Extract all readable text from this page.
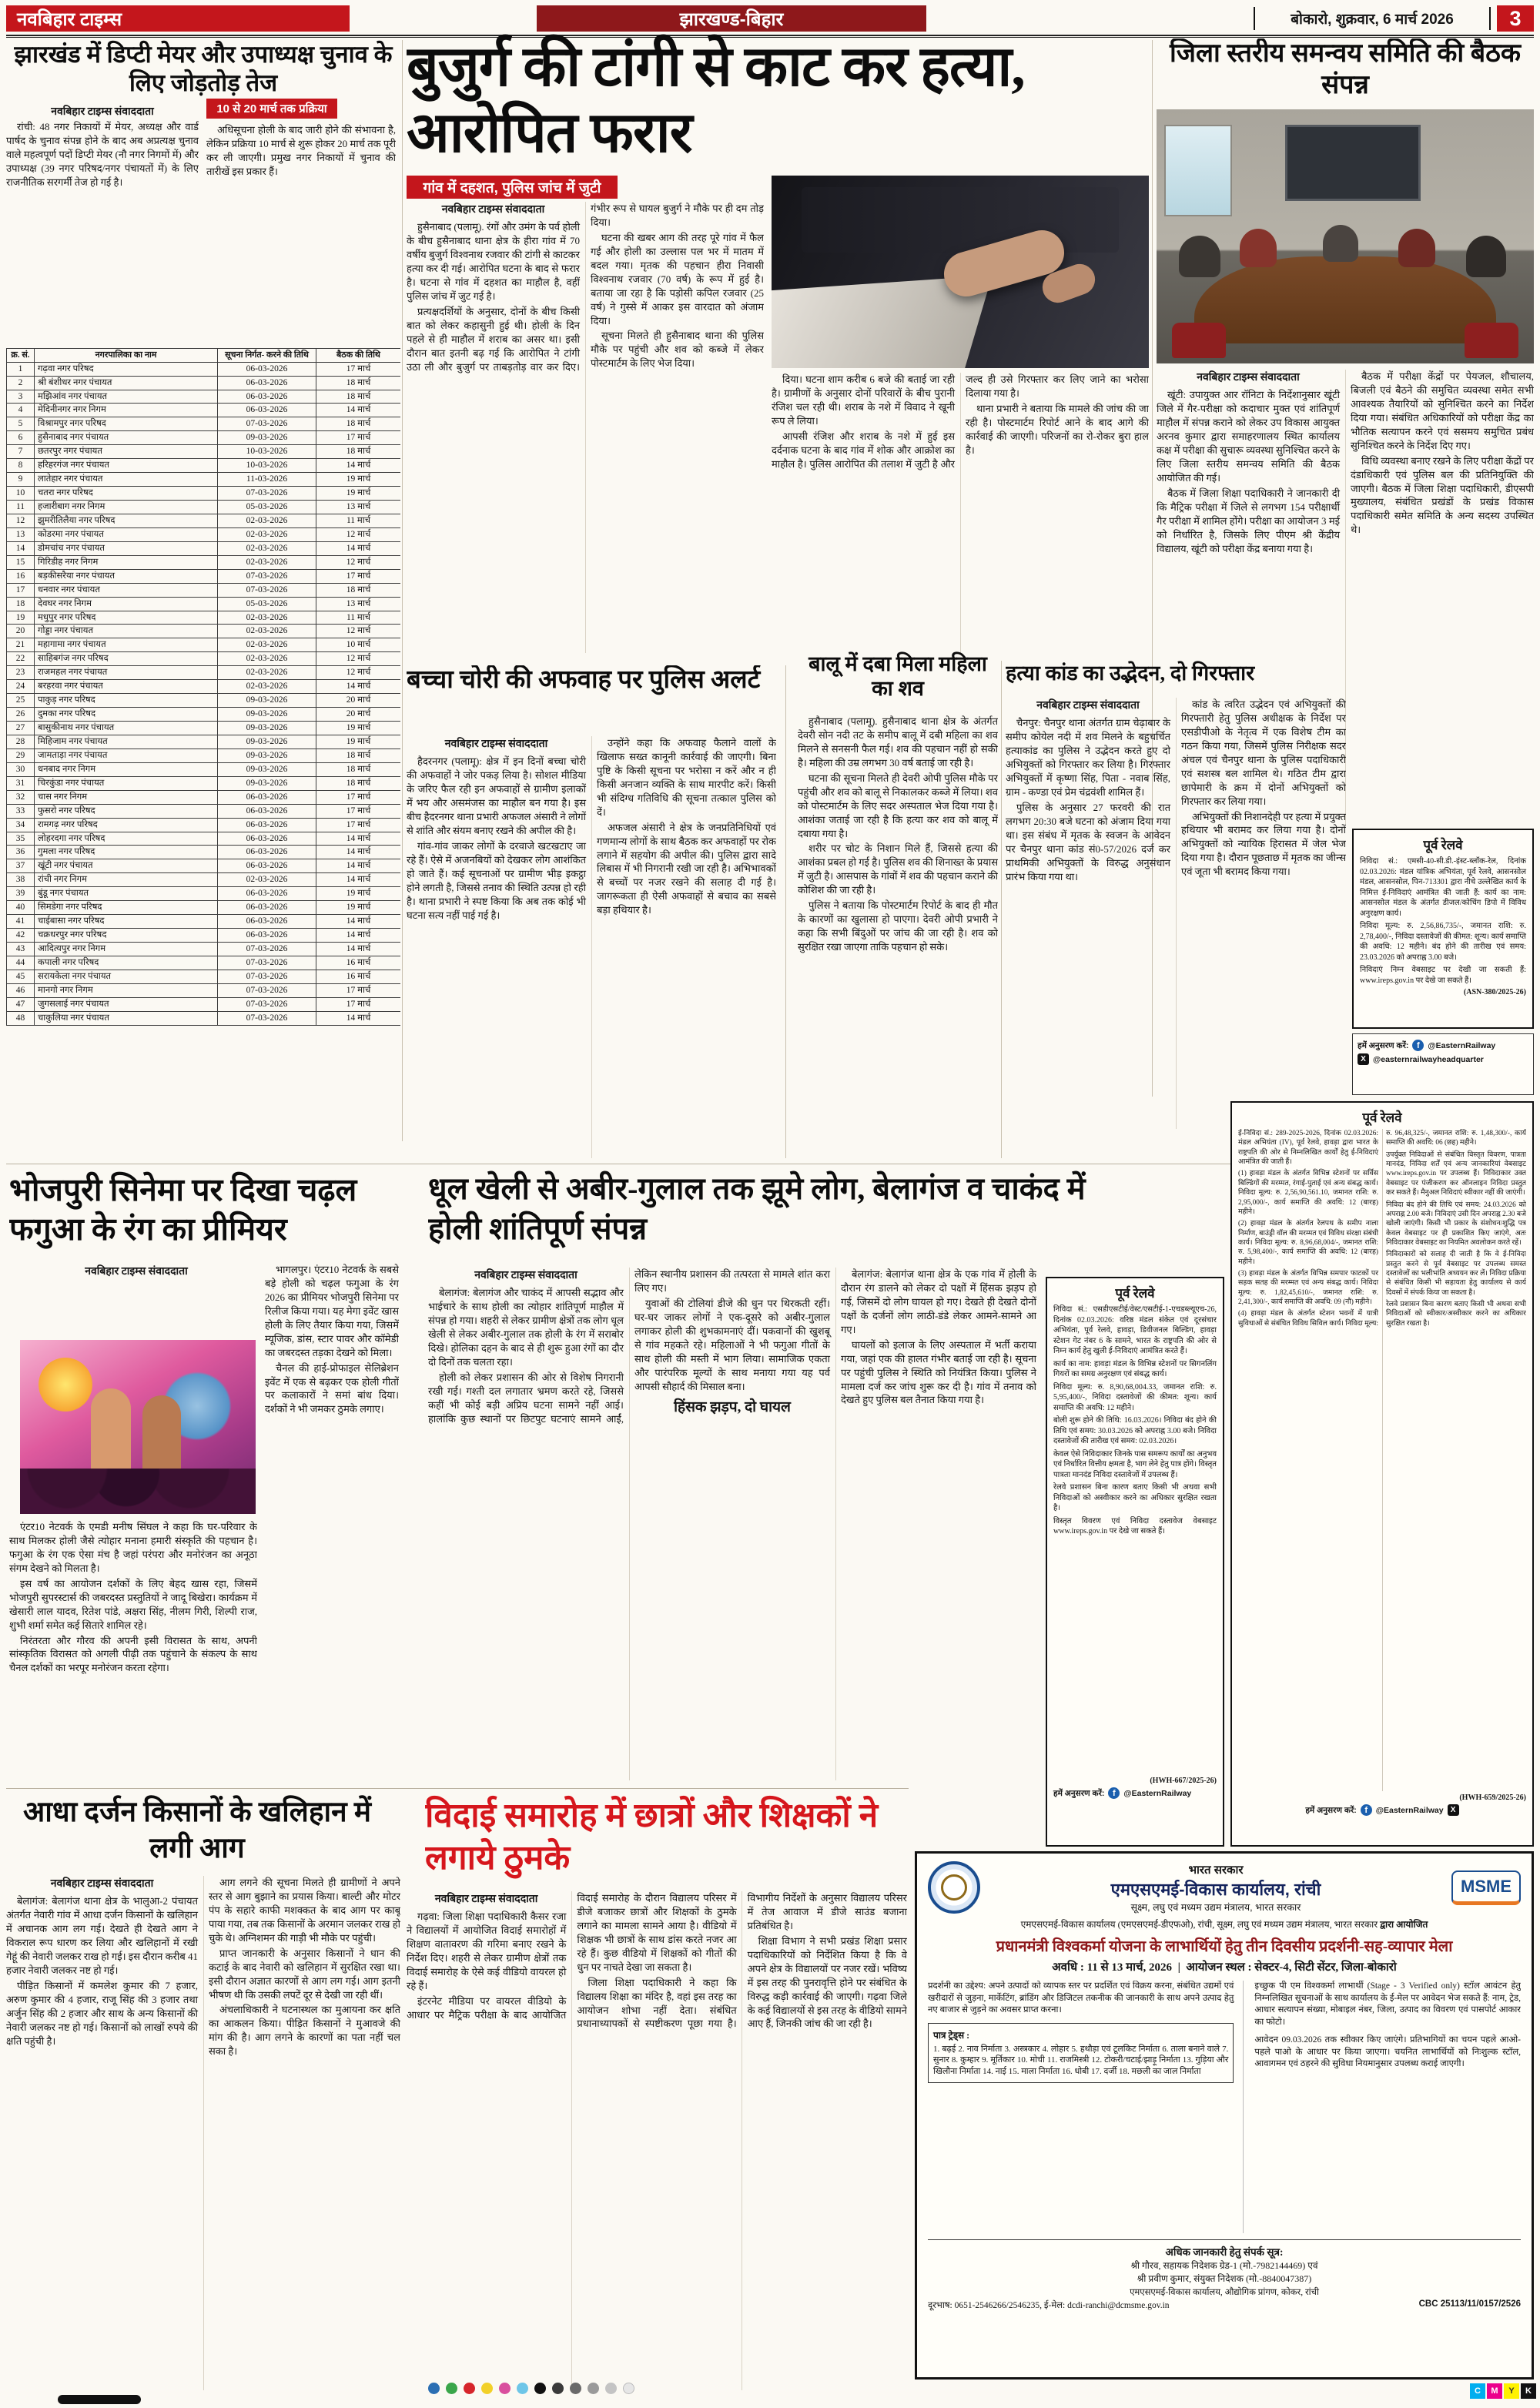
नवबिहार टाइम्स	झारखण्ड-बिहार	बोकारो, शुक्रवार, 6 मार्च 2026	3
झारखंड में डिप्टी मेयर और उपाध्यक्ष चुनाव के लिए जोड़तोड़ तेज
नवबिहार टाइम्स संवाददाता	10 से 20 मार्च तक प्रक्रिया

रांची: 48 नगर निकायों में मेयर, अध्यक्ष और वार्ड पार्षद के चुनाव संपन्न होने के बाद अब अप्रत्यक्ष चुनाव वाले महत्वपूर्ण पदों डिप्टी मेयर (नौ नगर निगमों में) और उपाध्यक्ष (39 नगर परिषद/नगर पंचायतों में) के लिए राजनीतिक सरगर्मी तेज हो गई है।

अधिसूचना होली के बाद जारी होने की संभावना है, लेकिन प्रक्रिया 10 मार्च से शुरू होकर 20 मार्च तक पूरी कर ली जाएगी। प्रमुख नगर निकायों में चुनाव की तारीखें इस प्रकार हैं।

क्र. सं.	नगरपालिका का नाम	सूचना निर्गत- करने की तिथि	बैठक की तिथि
1	गढ़वा नगर परिषद	06-03-2026	17 मार्च
2	श्री बंशीधर नगर पंचायत	06-03-2026	18 मार्च
3	मझिआंव नगर पंचायत	06-03-2026	18 मार्च
4	मेदिनीनगर नगर निगम	06-03-2026	14 मार्च
5	विश्रामपुर नगर परिषद	07-03-2026	18 मार्च
6	हुसैनाबाद नगर पंचायत	09-03-2026	17 मार्च
7	छतरपुर नगर पंचायत	10-03-2026	18 मार्च
8	हरिहरगंज नगर पंचायत	10-03-2026	14 मार्च
9	लातेहार नगर पंचायत	11-03-2026	19 मार्च
10	चतरा नगर परिषद	07-03-2026	19 मार्च
11	हजारीबाग नगर निगम	05-03-2026	13 मार्च
12	झुमरीतिलैया नगर परिषद	02-03-2026	11 मार्च
13	कोडरमा नगर पंचायत	02-03-2026	12 मार्च
14	डोमचांच नगर पंचायत	02-03-2026	14 मार्च
15	गिरिडीह नगर निगम	02-03-2026	12 मार्च
16	बड़कीसरैया नगर पंचायत	07-03-2026	17 मार्च
17	धनवार नगर पंचायत	07-03-2026	18 मार्च
18	देवघर नगर निगम	05-03-2026	13 मार्च
19	मधुपुर नगर परिषद	02-03-2026	11 मार्च
20	गोड्डा नगर पंचायत	02-03-2026	12 मार्च
21	महागामा नगर पंचायत	02-03-2026	10 मार्च
22	साहिबगंज नगर परिषद	02-03-2026	12 मार्च
23	राजमहल नगर पंचायत	02-03-2026	12 मार्च
24	बरहरवा नगर पंचायत	02-03-2026	14 मार्च
25	पाकुड़ नगर परिषद	09-03-2026	20 मार्च
26	दुमका नगर परिषद	09-03-2026	20 मार्च
27	बासुकीनाथ नगर पंचायत	09-03-2026	19 मार्च
28	मिहिजाम नगर पंचायत	09-03-2026	19 मार्च
29	जामताड़ा नगर पंचायत	09-03-2026	18 मार्च
30	धनबाद नगर निगम	09-03-2026	18 मार्च
31	चिरकुंडा नगर पंचायत	09-03-2026	18 मार्च
32	चास नगर निगम	06-03-2026	17 मार्च
33	फुसरो नगर परिषद	06-03-2026	17 मार्च
34	रामगढ़ नगर परिषद	06-03-2026	17 मार्च
35	लोहरदगा नगर परिषद	06-03-2026	14 मार्च
36	गुमला नगर परिषद	06-03-2026	14 मार्च
37	खूंटी नगर पंचायत	06-03-2026	14 मार्च
38	रांची नगर निगम	02-03-2026	14 मार्च
39	बुंडू नगर पंचायत	06-03-2026	19 मार्च
40	सिमडेगा नगर परिषद	06-03-2026	19 मार्च
41	चाईबासा नगर परिषद	06-03-2026	14 मार्च
42	चक्रधरपुर नगर परिषद	06-03-2026	14 मार्च
43	आदित्यपुर नगर निगम	07-03-2026	14 मार्च
44	कपाली नगर परिषद	07-03-2026	16 मार्च
45	सरायकेला नगर पंचायत	07-03-2026	16 मार्च
46	मानगो नगर निगम	07-03-2026	17 मार्च
47	जुगसलाई नगर पंचायत	07-03-2026	17 मार्च
48	चाकुलिया नगर पंचायत	07-03-2026	14 मार्च
बुजुर्ग की टांगी से काट कर हत्या, आरोपित फरार
गांव में दहशत, पुलिस जांच में जुटी
नवबिहार टाइम्स संवाददाता

हुसैनाबाद (पलामू). रंगों और उमंग के पर्व होली के बीच हुसैनाबाद थाना क्षेत्र के हीरा गांव में 70 वर्षीय बुजुर्ग विश्वनाथ रजवार की टांगी से काटकर हत्या कर दी गई। आरोपित घटना के बाद से फरार है। घटना से गांव में दहशत का माहौल है, वहीं पुलिस जांच में जुट गई है।

प्रत्यक्षदर्शियों के अनुसार, दोनों के बीच किसी बात को लेकर कहासुनी हुई थी। होली के दिन पहले से ही माहौल में शराब का असर था। इसी दौरान बात इतनी बढ़ गई कि आरोपित ने टांगी उठा ली और बुजुर्ग पर ताबड़तोड़ वार कर दिए। गंभीर रूप से घायल बुजुर्ग ने मौके पर ही दम तोड़ दिया।

घटना की खबर आग की तरह पूरे गांव में फैल गई और होली का उल्लास पल भर में मातम में बदल गया। मृतक की पहचान हीरा निवासी विश्वनाथ रजवार (70 वर्ष) के रूप में हुई है। बताया जा रहा है कि पड़ोसी कपिल रजवार (25 वर्ष) ने गुस्से में आकर इस वारदात को अंजाम दिया।

सूचना मिलते ही हुसैनाबाद थाना की पुलिस मौके पर पहुंची और शव को कब्जे में लेकर पोस्टमार्टम के लिए भेज दिया।

दिया। घटना शाम करीब 6 बजे की बताई जा रही है। ग्रामीणों के अनुसार दोनों परिवारों के बीच पुरानी रंजिश चल रही थी। शराब के नशे में विवाद ने खूनी रूप ले लिया।

आपसी रंजिश और शराब के नशे में हुई इस दर्दनाक घटना के बाद गांव में शोक और आक्रोश का माहौल है। पुलिस आरोपित की तलाश में जुटी है और जल्द ही उसे गिरफ्तार कर लिए जाने का भरोसा दिलाया गया है।

थाना प्रभारी ने बताया कि मामले की जांच की जा रही है। पोस्टमार्टम रिपोर्ट आने के बाद आगे की कार्रवाई की जाएगी। परिजनों का रो-रोकर बुरा हाल है।

जिला स्तरीय समन्वय समिति की बैठक संपन्न
नवबिहार टाइम्स संवाददाता

खूंटी: उपायुक्त आर रॉनिटा के निर्देशानुसार खूंटी जिले में गैर-परीक्षा को कदाचार मुक्त एवं शांतिपूर्ण माहौल में संपन्न कराने को लेकर उप विकास आयुक्त अरनव कुमार द्वारा समाहरणालय स्थित कार्यालय कक्ष में परीक्षा की सुचारू व्यवस्था सुनिश्चित करने के लिए जिला स्तरीय समन्वय समिति की बैठक आयोजित की गई।

बैठक में जिला शिक्षा पदाधिकारी ने जानकारी दी कि मैट्रिक परीक्षा में जिले से लगभग 154 परीक्षार्थी गैर परीक्षा में शामिल होंगे। परीक्षा का आयोजन 3 मई को निर्धारित है, जिसके लिए पीएम श्री केंद्रीय विद्यालय, खूंटी को परीक्षा केंद्र बनाया गया है।

बैठक में परीक्षा केंद्रों पर पेयजल, शौचालय, बिजली एवं बैठने की समुचित व्यवस्था समेत सभी आवश्यक तैयारियों को सुनिश्चित करने का निर्देश दिया गया। संबंधित अधिकारियों को परीक्षा केंद्र का भौतिक सत्यापन करने एवं ससमय समुचित प्रबंध सुनिश्चित करने के निर्देश दिए गए।

विधि व्यवस्था बनाए रखने के लिए परीक्षा केंद्रों पर दंडाधिकारी एवं पुलिस बल की प्रतिनियुक्ति की जाएगी। बैठक में जिला शिक्षा पदाधिकारी, डीएसपी मुख्यालय, संबंधित प्रखंडों के प्रखंड विकास पदाधिकारी समेत समिति के अन्य सदस्य उपस्थित थे।

पूर्व रेलवे

निविदा सं.: एमसी-40-सी.डी.-इंस्ट-ब्लॉक-रेल, दिनांक 02.03.2026: मंडल यांत्रिक अभियंता, पूर्व रेलवे, आसनसोल मंडल, आसनसोल, पिन-713301 द्वारा नीचे उल्लेखित कार्य के निमित्त ई-निविदाएं आमंत्रित की जाती हैं: कार्य का नाम: आसनसोल मंडल के अंतर्गत डीजल/कोचिंग डिपो में विविध अनुरक्षण कार्य।

निविदा मूल्य: रु. 2,56,86,735/-, जमानत राशि: रु. 2,78,400/-, निविदा दस्तावेजों की कीमत: शून्य। कार्य समाप्ति की अवधि: 12 महीने। बंद होने की तारीख एवं समय: 23.03.2026 को अपराह्न 3.00 बजे।

निविदाएं निम्न वेबसाइट पर देखी जा सकती हैं: www.ireps.gov.in पर देखे जा सकते हैं।

(ASN-380/2025-26)
हमें अनुसरण करें: f	@EasternRailway
X @easternrailwayheadquarter
पूर्व रेलवे

ई-निविदा सं.: 289-2025-2026, दिनांक 02.03.2026: मंडल अभियंता (IV), पूर्व रेलवे, हावड़ा द्वारा भारत के राष्ट्रपति की ओर से निम्नलिखित कार्यों हेतु ई-निविदाएं आमंत्रित की जाती हैं।

(1) हावड़ा मंडल के अंतर्गत विभिन्न स्टेशनों पर सर्विस बिल्डिंगों की मरम्मत, रंगाई-पुताई एवं अन्य संबद्ध कार्य। निविदा मूल्य: रु. 2,56,90,561.10, जमानत राशि: रु. 2,95,000/-, कार्य समाप्ति की अवधि: 12 (बारह) महीने।

(2) हावड़ा मंडल के अंतर्गत रेलपथ के समीप नाला निर्माण, बाउंड्री वॉल की मरम्मत एवं विविध संरक्षा संबंधी कार्य। निविदा मूल्य: रु. 8,96,68,004/-, जमानत राशि: रु. 5,98,400/-, कार्य समाप्ति की अवधि: 12 (बारह) महीने।

(3) हावड़ा मंडल के अंतर्गत विभिन्न समपार फाटकों पर सड़क सतह की मरम्मत एवं अन्य संबद्ध कार्य। निविदा मूल्य: रु. 1,82,45,610/-, जमानत राशि: रु. 2,41,300/-, कार्य समाप्ति की अवधि: 09 (नौ) महीने।

(4) हावड़ा मंडल के अंतर्गत स्टेशन भवनों में यात्री सुविधाओं से संबंधित विविध सिविल कार्य। निविदा मूल्य: रु. 96,48,325/-, जमानत राशि: रु. 1,48,300/-, कार्य समाप्ति की अवधि: 06 (छह) महीने।

उपर्युक्त निविदाओं से संबंधित विस्तृत विवरण, पात्रता मानदंड, निविदा शर्तें एवं अन्य जानकारियां वेबसाइट www.ireps.gov.in पर उपलब्ध हैं। निविदाकार उक्त वेबसाइट पर पंजीकरण कर ऑनलाइन निविदा प्रस्तुत कर सकते हैं। मैनुअल निविदाएं स्वीकार नहीं की जाएंगी।

निविदा बंद होने की तिथि एवं समय: 24.03.2026 को अपराह्न 2.00 बजे। निविदाएं उसी दिन अपराह्न 2.30 बजे खोली जाएंगी। किसी भी प्रकार के संशोधन/शुद्धि पत्र केवल वेबसाइट पर ही प्रकाशित किए जाएंगे, अतः निविदाकार वेबसाइट का नियमित अवलोकन करते रहें।

निविदाकारों को सलाह दी जाती है कि वे ई-निविदा प्रस्तुत करने से पूर्व वेबसाइट पर उपलब्ध समस्त दस्तावेजों का भलीभांति अध्ययन कर लें। निविदा प्रक्रिया से संबंधित किसी भी सहायता हेतु कार्यालय से कार्य दिवसों में संपर्क किया जा सकता है।

रेलवे प्रशासन बिना कारण बताए किसी भी अथवा सभी निविदाओं को स्वीकार/अस्वीकार करने का अधिकार सुरक्षित रखता है।

(HWH-659/2025-26)
हमें अनुसरण करें: f	@EasternRailway X
बालू में दबा मिला महिला का शव

हुसैनाबाद (पलामू). हुसैनाबाद थाना क्षेत्र के अंतर्गत देवरी सोन नदी तट के समीप बालू में दबी महिला का शव मिलने से सनसनी फैल गई। शव की पहचान नहीं हो सकी है। महिला की उम्र लगभग 30 वर्ष बताई जा रही है।

घटना की सूचना मिलते ही देवरी ओपी पुलिस मौके पर पहुंची और शव को बालू से निकालकर कब्जे में लिया। शव को पोस्टमार्टम के लिए सदर अस्पताल भेज दिया गया है। आशंका जताई जा रही है कि हत्या कर शव को बालू में दबाया गया है।

शरीर पर चोट के निशान मिले हैं, जिससे हत्या की आशंका प्रबल हो गई है। पुलिस शव की शिनाख्त के प्रयास में जुटी है। आसपास के गांवों में शव की पहचान कराने की कोशिश की जा रही है।

पुलिस ने बताया कि पोस्टमार्टम रिपोर्ट के बाद ही मौत के कारणों का खुलासा हो पाएगा। देवरी ओपी प्रभारी ने कहा कि सभी बिंदुओं पर जांच की जा रही है। शव को सुरक्षित रखा जाएगा ताकि पहचान हो सके।

बच्चा चोरी की अफवाह पर पुलिस अलर्ट
नवबिहार टाइम्स संवाददाता

हैदरनगर (पलामू): क्षेत्र में इन दिनों बच्चा चोरी की अफवाहों ने जोर पकड़ लिया है। सोशल मीडिया के जरिए फैल रही इन अफवाहों से ग्रामीण इलाकों में भय और असमंजस का माहौल बन गया है। इस बीच हैदरनगर थाना प्रभारी अफजल अंसारी ने लोगों से शांति और संयम बनाए रखने की अपील की है।

गांव-गांव जाकर लोगों के दरवाजे खटखटाए जा रहे हैं। ऐसे में अजनबियों को देखकर लोग आशंकित हो जाते हैं। कई सूचनाओं पर ग्रामीण भीड़ इकट्ठा होने लगती है, जिससे तनाव की स्थिति उत्पन्न हो रही है। थाना प्रभारी ने स्पष्ट किया कि अब तक कोई भी घटना सत्य नहीं पाई गई है।

उन्होंने कहा कि अफवाह फैलाने वालों के खिलाफ सख्त कानूनी कार्रवाई की जाएगी। बिना पुष्टि के किसी सूचना पर भरोसा न करें और न ही किसी अनजान व्यक्ति के साथ मारपीट करें। किसी भी संदिग्ध गतिविधि की सूचना तत्काल पुलिस को दें।

अफजल अंसारी ने क्षेत्र के जनप्रतिनिधियों एवं गणमान्य लोगों के साथ बैठक कर अफवाहों पर रोक लगाने में सहयोग की अपील की। पुलिस द्वारा सादे लिबास में भी निगरानी रखी जा रही है। अभिभावकों से बच्चों पर नजर रखने की सलाह दी गई है। जागरूकता ही ऐसी अफवाहों से बचाव का सबसे बड़ा हथियार है।

हत्या कांड का उद्भेदन, दो गिरफ्तार
नवबिहार टाइम्स संवाददाता

चैनपुर: चैनपुर थाना अंतर्गत ग्राम चेढ़ाबार के समीप कोयेल नदी में शव मिलने के बहुचर्चित हत्याकांड का पुलिस ने उद्भेदन करते हुए दो अभियुक्तों को गिरफ्तार कर लिया है। गिरफ्तार अभियुक्तों में कृष्णा सिंह, पिता - नवाब सिंह, ग्राम - कण्डा एवं प्रेम चंद्रवंशी शामिल हैं।

पुलिस के अनुसार 27 फरवरी की रात लगभग 20:30 बजे घटना को अंजाम दिया गया था। इस संबंध में मृतक के स्वजन के आवेदन पर चैनपुर थाना कांड सं0-57/2026 दर्ज कर प्राथमिकी अभियुक्तों के विरुद्ध अनुसंधान प्रारंभ किया गया था।

कांड के त्वरित उद्भेदन एवं अभियुक्तों की गिरफ्तारी हेतु पुलिस अधीक्षक के निर्देश पर एसडीपीओ के नेतृत्व में एक विशेष टीम का गठन किया गया, जिसमें पुलिस निरीक्षक सदर अंचल एवं चैनपुर थाना के पुलिस पदाधिकारी एवं सशस्त्र बल शामिल थे। गठित टीम द्वारा छापेमारी के क्रम में दोनों अभियुक्तों को गिरफ्तार कर लिया गया।

अभियुक्तों की निशानदेही पर हत्या में प्रयुक्त हथियार भी बरामद कर लिया गया है। दोनों अभियुक्तों को न्यायिक हिरासत में जेल भेज दिया गया है। दौरान पूछताछ में मृतक का जीन्स एवं जूता भी बरामद किया गया।

भोजपुरी सिनेमा पर दिखा चढ़ल फगुआ के रंग का प्रीमियर
नवबिहार टाइम्स संवाददाता	भागलपुर। एंटर10 नेटवर्क के सबसे बड़े होली को चढ़ल फगुआ के रंग 2026 का प्रीमियर भोजपुरी सिनेमा पर रिलीज किया गया। यह मेगा इवेंट खास होली के लिए तैयार किया गया, जिसमें म्यूजिक, डांस, स्टार पावर और कॉमेडी का जबरदस्त तड़का देखने को मिला।

चैनल की हाई-प्रोफाइल सेलिब्रेशन इवेंट में एक से बढ़कर एक होली गीतों पर कलाकारों ने समां बांध दिया। दर्शकों ने भी जमकर ठुमके लगाए।

एंटर10 नेटवर्क के एमडी मनीष सिंघल ने कहा कि घर-परिवार के साथ मिलकर होली जैसे त्योहार मनाना हमारी संस्कृति की पहचान है। फगुआ के रंग एक ऐसा मंच है जहां परंपरा और मनोरंजन का अनूठा संगम देखने को मिलता है।

इस वर्ष का आयोजन दर्शकों के लिए बेहद खास रहा, जिसमें भोजपुरी सुपरस्टार्स की जबरदस्त प्रस्तुतियों ने जादू बिखेरा। कार्यक्रम में खेसारी लाल यादव, रितेश पांडे, अक्षरा सिंह, नीलम गिरी, शिल्पी राज, शुभी शर्मा समेत कई सितारे शामिल रहे।

निरंतरता और गौरव की अपनी इसी विरासत के साथ, अपनी सांस्कृतिक विरासत को अगली पीढ़ी तक पहुंचाने के संकल्प के साथ चैनल दर्शकों का भरपूर मनोरंजन करता रहेगा।

धूल खेली से अबीर-गुलाल तक झूमे लोग, बेलागंज व चाकंद में होली शांतिपूर्ण संपन्न
नवबिहार टाइम्स संवाददाता

बेलागंज: बेलागंज और चाकंद में आपसी सद्भाव और भाईचारे के साथ होली का त्योहार शांतिपूर्ण माहौल में संपन्न हो गया। शहरी से लेकर ग्रामीण क्षेत्रों तक लोग धूल खेली से लेकर अबीर-गुलाल तक होली के रंग में सराबोर दिखे। होलिका दहन के बाद से ही शुरू हुआ रंगों का दौर दो दिनों तक चलता रहा।

होली को लेकर प्रशासन की ओर से विशेष निगरानी रखी गई। गश्ती दल लगातार भ्रमण करते रहे, जिससे कहीं भी कोई बड़ी अप्रिय घटना सामने नहीं आई। हालांकि कुछ स्थानों पर छिटपुट घटनाएं सामने आईं, लेकिन स्थानीय प्रशासन की तत्परता से मामले शांत करा लिए गए।

युवाओं की टोलियां डीजे की धुन पर थिरकती रहीं। घर-घर जाकर लोगों ने एक-दूसरे को अबीर-गुलाल लगाकर होली की शुभकामनाएं दीं। पकवानों की खुशबू से गांव महकते रहे। महिलाओं ने भी फगुआ गीतों के साथ होली की मस्ती में भाग लिया। सामाजिक एकता और पारंपरिक मूल्यों के साथ मनाया गया यह पर्व आपसी सौहार्द की मिसाल बना।

हिंसक झड़प, दो घायल

बेलागंज: बेलागंज थाना क्षेत्र के एक गांव में होली के दौरान रंग डालने को लेकर दो पक्षों में हिंसक झड़प हो गई, जिसमें दो लोग घायल हो गए। देखते ही देखते दोनों पक्षों के दर्जनों लोग लाठी-डंडे लेकर आमने-सामने आ गए।

घायलों को इलाज के लिए अस्पताल में भर्ती कराया गया, जहां एक की हालत गंभीर बताई जा रही है। सूचना पर पहुंची पुलिस ने स्थिति को नियंत्रित किया। पुलिस ने मामला दर्ज कर जांच शुरू कर दी है। गांव में तनाव को देखते हुए पुलिस बल तैनात किया गया है।

पूर्व रेलवे

निविदा सं.: एसडीएसटीई/वेस्ट/एसटीई-1-एचडब्ल्यूएच-26, दिनांक 02.03.2026: वरिष्ठ मंडल संकेत एवं दूरसंचार अभियंता, पूर्व रेलवे, हावड़ा, डिवीजनल बिल्डिंग, हावड़ा स्टेशन गेट नंबर 6 के सामने, भारत के राष्ट्रपति की ओर से निम्न कार्य हेतु खुली ई-निविदाएं आमंत्रित करते हैं।

कार्य का नाम: हावड़ा मंडल के विभिन्न स्टेशनों पर सिगनलिंग गियरों का समग्र अनुरक्षण एवं संबद्ध कार्य।

निविदा मूल्य: रु. 8,90,68,004.33, जमानत राशि: रु. 5,95,400/-, निविदा दस्तावेजों की कीमत: शून्य। कार्य समाप्ति की अवधि: 12 महीने।

बोली शुरू होने की तिथि: 16.03.2026। निविदा बंद होने की तिथि एवं समय: 30.03.2026 को अपराह्न 3.00 बजे। निविदा दस्तावेजों की तारीख एवं समय: 02.03.2026।

केवल ऐसे निविदाकार जिनके पास समरूप कार्यों का अनुभव एवं निर्धारित वित्तीय क्षमता है, भाग लेने हेतु पात्र होंगे। विस्तृत पात्रता मानदंड निविदा दस्तावेजों में उपलब्ध हैं।

रेलवे प्रशासन बिना कारण बताए किसी भी अथवा सभी निविदाओं को अस्वीकार करने का अधिकार सुरक्षित रखता है।

विस्तृत विवरण एवं निविदा दस्तावेज वेबसाइट www.ireps.gov.in पर देखे जा सकते हैं।

(HWH-667/2025-26)
हमें अनुसरण करें: f	@EasternRailway
आधा दर्जन किसानों के खलिहान में लगी आग
नवबिहार टाइम्स संवाददाता

बेलागंज: बेलागंज थाना क्षेत्र के भालुआ-2 पंचायत अंतर्गत नेवारी गांव में आधा दर्जन किसानों के खलिहान में अचानक आग लग गई। देखते ही देखते आग ने विकराल रूप धारण कर लिया और खलिहानों में रखी गेहूं की नेवारी जलकर राख हो गई। इस दौरान करीब 41 हजार नेवारी जलकर नष्ट हो गई।

पीड़ित किसानों में कमलेश कुमार की 7 हजार, अरुण कुमार की 4 हजार, राजू सिंह की 3 हजार तथा अर्जुन सिंह की 2 हजार और साथ के अन्य किसानों की नेवारी जलकर नष्ट हो गई। किसानों को लाखों रुपये की क्षति पहुंची है।

आग लगने की सूचना मिलते ही ग्रामीणों ने अपने स्तर से आग बुझाने का प्रयास किया। बाल्टी और मोटर पंप के सहारे काफी मशक्कत के बाद आग पर काबू पाया गया, तब तक किसानों के अरमान जलकर राख हो चुके थे। अग्निशमन की गाड़ी भी मौके पर पहुंची।

प्राप्त जानकारी के अनुसार किसानों ने धान की कटाई के बाद नेवारी को खलिहान में सुरक्षित रखा था। इसी दौरान अज्ञात कारणों से आग लग गई। आग इतनी भीषण थी कि उसकी लपटें दूर से देखी जा रही थीं।

अंचलाधिकारी ने घटनास्थल का मुआयना कर क्षति का आकलन किया। पीड़ित किसानों ने मुआवजे की मांग की है। आग लगने के कारणों का पता नहीं चल सका है।

विदाई समारोह में छात्रों और शिक्षकों ने लगाये ठुमके
नवबिहार टाइम्स संवाददाता

गढ़वा: जिला शिक्षा पदाधिकारी कैसर रजा ने विद्यालयों में आयोजित विदाई समारोहों में शिक्षण वातावरण की गरिमा बनाए रखने के निर्देश दिए। शहरी से लेकर ग्रामीण क्षेत्रों तक विदाई समारोह के ऐसे कई वीडियो वायरल हो रहे हैं।

इंटरनेट मीडिया पर वायरल वीडियो के आधार पर मैट्रिक परीक्षा के बाद आयोजित विदाई समारोह के दौरान विद्यालय परिसर में डीजे बजाकर छात्रों और शिक्षकों के ठुमके लगाने का मामला सामने आया है। वीडियो में शिक्षक भी छात्रों के साथ डांस करते नजर आ रहे हैं। कुछ वीडियो में शिक्षकों को गीतों की धुन पर नाचते देखा जा सकता है।

जिला शिक्षा पदाधिकारी ने कहा कि विद्यालय शिक्षा का मंदिर है, वहां इस तरह का आयोजन शोभा नहीं देता। संबंधित प्रधानाध्यापकों से स्पष्टीकरण पूछा गया है। विभागीय निर्देशों के अनुसार विद्यालय परिसर में तेज आवाज में डीजे साउंड बजाना प्रतिबंधित है।

शिक्षा विभाग ने सभी प्रखंड शिक्षा प्रसार पदाधिकारियों को निर्देशित किया है कि वे अपने क्षेत्र के विद्यालयों पर नजर रखें। भविष्य में इस तरह की पुनरावृत्ति होने पर संबंधित के विरुद्ध कड़ी कार्रवाई की जाएगी। गढ़वा जिले के कई विद्यालयों से इस तरह के वीडियो सामने आए हैं, जिनकी जांच की जा रही है।

भारत सरकार
एमएसएमई-विकास कार्यालय, रांची
सूक्ष्म, लघु एवं मध्यम उद्यम मंत्रालय, भारत सरकार
MSME
एमएसएमई-विकास कार्यालय (एमएसएमई-डीएफओ), रांची, सूक्ष्म, लघु एवं मध्यम उद्यम मंत्रालय, भारत सरकार द्वारा आयोजित
प्रधानमंत्री विश्वकर्मा योजना के लाभार्थियों हेतु तीन दिवसीय प्रदर्शनी-सह-व्यापार मेला
अवधि : 11 से 13 मार्च, 2026  |  आयोजन स्थल : सेक्टर-4, सिटी सेंटर, जिला-बोकारो

प्रदर्शनी का उद्देश्य: अपने उत्पादों को व्यापक स्तर पर प्रदर्शित एवं विक्रय करना, संबंधित उद्यमों एवं खरीदारों से जुड़ना, मार्केटिंग, ब्रांडिंग और डिजिटल तकनीक की जानकारी के साथ अपने उत्पाद हेतु नए बाजार से जुड़ने का अवसर प्राप्त करना।

पात्र ट्रेड्स :

1. बढ़ई 2. नाव निर्माता 3. अस्त्रकार 4. लोहार 5. हथौड़ा एवं टूलकिट निर्माता 6. ताला बनाने वाले 7. सुनार 8. कुम्हार 9. मूर्तिकार 10. मोची 11. राजमिस्त्री 12. टोकरी/चटाई/झाड़ू निर्माता 13. गुड़िया और खिलौना निर्माता 14. नाई 15. माला निर्माता 16. धोबी 17. दर्जी 18. मछली का जाल निर्माता

इच्छुक पी एम विश्वकर्मा लाभार्थी (Stage - 3 Verified only) स्टॉल आवंटन हेतु निम्नलिखित सूचनाओं के साथ कार्यालय के ई-मेल पर आवेदन भेज सकते हैं: नाम, ट्रेड, आधार सत्यापन संख्या, मोबाइल नंबर, जिला, उत्पाद का विवरण एवं पासपोर्ट आकार का फोटो।

आवेदन 09.03.2026 तक स्वीकार किए जाएंगे। प्रतिभागियों का चयन पहले आओ-पहले पाओ के आधार पर किया जाएगा। चयनित लाभार्थियों को निःशुल्क स्टॉल, आवागमन एवं ठहरने की सुविधा नियमानुसार उपलब्ध कराई जाएगी।

अधिक जानकारी हेतु संपर्क सूत्र:
श्री गौरव, सहायक निदेशक ग्रेड-1 (मो.-7982144469) एवं
श्री प्रवीण कुमार, संयुक्त निदेशक (मो.-8840047387)
एमएसएमई-विकास कार्यालय, औद्योगिक प्रांगण, कोकर, रांची
दूरभाष: 0651-2546266/2546235, ई-मेल: dcdi-ranchi@dcmsme.gov.in	CBC 25113/11/0157/2526

C	M	Y	K
